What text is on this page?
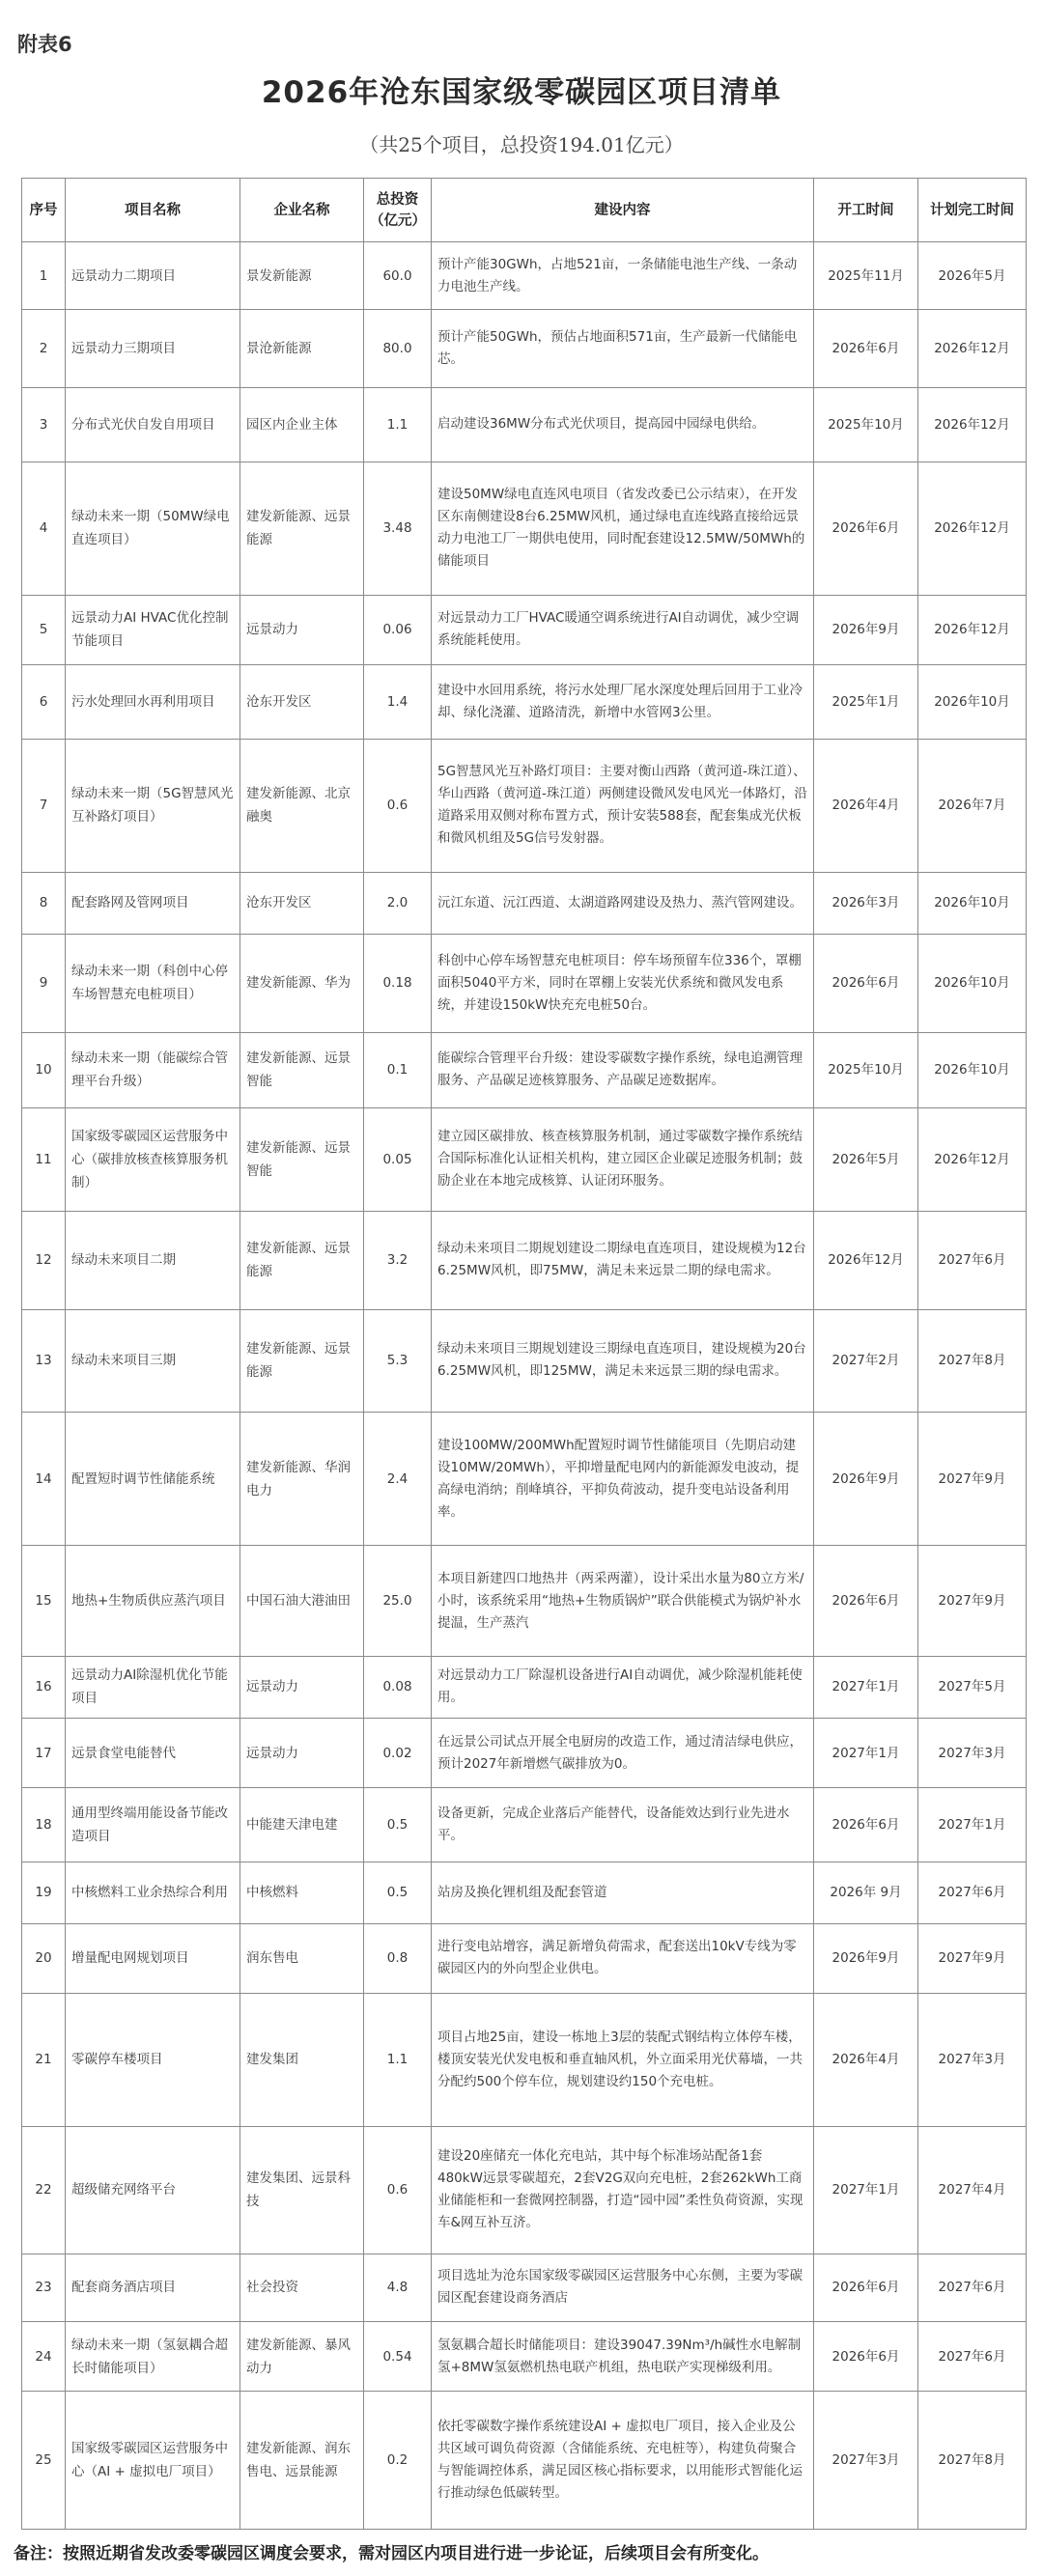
附表6
2026年沧东国家级零碳园区项目清单
（共25个项目，总投资194.01亿元）
序号	项目名称	企业名称	总投资（亿元）	建设内容	开工时间	计划完工时间
1	远景动力二期项目	景发新能源	60.0	预计产能30GWh，占地521亩，一条储能电池生产线、一条动力电池生产线。	2025年11月	2026年5月
2	远景动力三期项目	景沧新能源	80.0	预计产能50GWh，预估占地面积571亩，生产最新一代储能电芯。	2026年6月	2026年12月
3	分布式光伏自发自用项目	园区内企业主体	1.1	启动建设36MW分布式光伏项目，提高园中园绿电供给。	2025年10月	2026年12月
4	绿动未来一期（50MW绿电直连项目）	建发新能源、远景能源	3.48	建设50MW绿电直连风电项目（省发改委已公示结束），在开发区东南侧建设8台6.25MW风机，通过绿电直连线路直接给远景动力电池工厂一期供电使用，同时配套建设12.5MW/50MWh的储能项目	2026年6月	2026年12月
5	远景动力AI HVAC优化控制节能项目	远景动力	0.06	对远景动力工厂HVAC暖通空调系统进行AI自动调优，减少空调系统能耗使用。	2026年9月	2026年12月
6	污水处理回水再利用项目	沧东开发区	1.4	建设中水回用系统，将污水处理厂尾水深度处理后回用于工业冷却、绿化浇灌、道路清洗，新增中水管网3公里。	2025年1月	2026年10月
7	绿动未来一期（5G智慧风光互补路灯项目）	建发新能源、北京融奥	0.6	5G智慧风光互补路灯项目：主要对衡山西路（黄河道-珠江道）、华山西路（黄河道-珠江道）两侧建设微风发电风光一体路灯，沿道路采用双侧对称布置方式，预计安装588套，配套集成光伏板和微风机组及5G信号发射器。	2026年4月	2026年7月
8	配套路网及管网项目	沧东开发区	2.0	沅江东道、沅江西道、太湖道路网建设及热力、蒸汽管网建设。	2026年3月	2026年10月
9	绿动未来一期（科创中心停车场智慧充电桩项目）	建发新能源、华为	0.18	科创中心停车场智慧充电桩项目：停车场预留车位336个，罩棚面积5040平方米，同时在罩棚上安装光伏系统和微风发电系统，并建设150kW快充充电桩50台。	2026年6月	2026年10月
10	绿动未来一期（能碳综合管理平台升级）	建发新能源、远景智能	0.1	能碳综合管理平台升级：建设零碳数字操作系统，绿电追溯管理服务、产品碳足迹核算服务、产品碳足迹数据库。	2025年10月	2026年10月
11	国家级零碳园区运营服务中心（碳排放核查核算服务机制）	建发新能源、远景智能	0.05	建立园区碳排放、核查核算服务机制，通过零碳数字操作系统结合国际标准化认证相关机构，建立园区企业碳足迹服务机制；鼓励企业在本地完成核算、认证闭环服务。	2026年5月	2026年12月
12	绿动未来项目二期	建发新能源、远景能源	3.2	绿动未来项目二期规划建设二期绿电直连项目，建设规模为12台6.25MW风机，即75MW，满足未来远景二期的绿电需求。	2026年12月	2027年6月
13	绿动未来项目三期	建发新能源、远景能源	5.3	绿动未来项目三期规划建设三期绿电直连项目，建设规模为20台6.25MW风机，即125MW，满足未来远景三期的绿电需求。	2027年2月	2027年8月
14	配置短时调节性储能系统	建发新能源、华润电力	2.4	建设100MW/200MWh配置短时调节性储能项目（先期启动建设10MW/20MWh），平抑增量配电网内的新能源发电波动，提高绿电消纳；削峰填谷，平抑负荷波动，提升变电站设备利用率。	2026年9月	2027年9月
15	地热+生物质供应蒸汽项目	中国石油大港油田	25.0	本项目新建四口地热井（两采两灌），设计采出水量为80立方米/小时，该系统采用“地热+生物质锅炉”联合供能模式为锅炉补水提温，生产蒸汽	2026年6月	2027年9月
16	远景动力AI除湿机优化节能项目	远景动力	0.08	对远景动力工厂除湿机设备进行AI自动调优，减少除湿机能耗使用。	2027年1月	2027年5月
17	远景食堂电能替代	远景动力	0.02	在远景公司试点开展全电厨房的改造工作，通过清洁绿电供应，预计2027年新增燃气碳排放为0。	2027年1月	2027年3月
18	通用型终端用能设备节能改造项目	中能建天津电建	0.5	设备更新，完成企业落后产能替代，设备能效达到行业先进水平。	2026年6月	2027年1月
19	中核燃料工业余热综合利用	中核燃料	0.5	站房及换化锂机组及配套管道	2026年 9月	2027年6月
20	增量配电网规划项目	润东售电	0.8	进行变电站增容，满足新增负荷需求，配套送出10kV专线为零碳园区内的外向型企业供电。	2026年9月	2027年9月
21	零碳停车楼项目	建发集团	1.1	项目占地25亩，建设一栋地上3层的装配式钢结构立体停车楼，楼顶安装光伏发电板和垂直轴风机，外立面采用光伏幕墙，一共分配约500个停车位，规划建设约150个充电桩。	2026年4月	2027年3月
22	超级储充网络平台	建发集团、远景科技	0.6	建设20座储充一体化充电站，其中每个标准场站配备1套480kW远景零碳超充，2套V2G双向充电桩，2套262kWh工商业储能柜和一套微网控制器，打造“园中园”柔性负荷资源，实现车&网互补互济。	2027年1月	2027年4月
23	配套商务酒店项目	社会投资	4.8	项目选址为沧东国家级零碳园区运营服务中心东侧，主要为零碳园区配套建设商务酒店	2026年6月	2027年6月
24	绿动未来一期（氢氨耦合超长时储能项目）	建发新能源、暴风动力	0.54	氢氨耦合超长时储能项目：建设39047.39Nm³/h碱性水电解制氢+8MW氢氨燃机热电联产机组，热电联产实现梯级利用。	2026年6月	2027年6月
25	国家级零碳园区运营服务中心（AI + 虚拟电厂项目）	建发新能源、润东售电、远景能源	0.2	依托零碳数字操作系统建设AI + 虚拟电厂项目，接入企业及公共区域可调负荷资源（含储能系统、充电桩等），构建负荷聚合与智能调控体系，满足园区核心指标要求，以用能形式智能化运行推动绿色低碳转型。	2027年3月	2027年8月
备注：按照近期省发改委零碳园区调度会要求，需对园区内项目进行进一步论证，后续项目会有所变化。
